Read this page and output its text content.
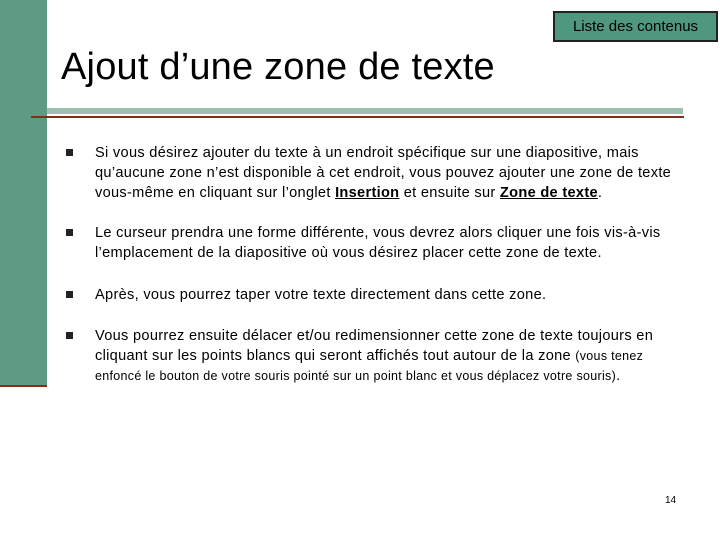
Liste des contenus
Ajout d’une zone de texte
Si vous désirez ajouter du texte à un endroit spécifique sur une diapositive, mais qu’aucune zone n’est disponible à cet endroit, vous pouvez ajouter une zone de texte vous-même en cliquant sur l’onglet Insertion et ensuite sur Zone de texte.
Le curseur prendra une forme différente, vous devrez alors cliquer une fois vis-à-vis l’emplacement de la diapositive où vous désirez placer cette zone de texte.
Après, vous pourrez taper votre texte directement dans cette zone.
Vous pourrez ensuite délacer et/ou redimensionner cette zone de texte toujours en cliquant sur les points blancs qui seront affichés tout autour de la zone (vous tenez enfoncé le bouton de votre souris pointé sur un point blanc et vous déplacez votre souris).
14
